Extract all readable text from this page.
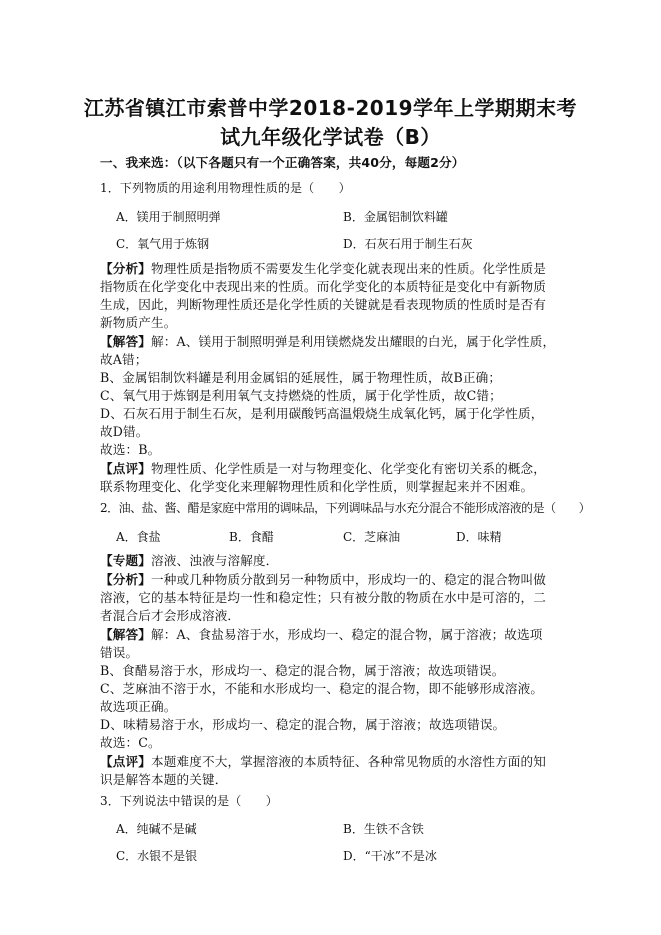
江苏省镇江市索普中学2018-2019学年上学期期末考
试九年级化学试卷（B）
一、我来选：（以下各题只有一个正确答案，共40分，每题2分）
1．下列物质的用途利用物理性质的是（　　）
A．镁用于制照明弹	B．金属铝制饮料罐
C．氧气用于炼钢	D．石灰石用于制生石灰
【分析】物理性质是指物质不需要发生化学变化就表现出来的性质。化学性质是
指物质在化学变化中表现出来的性质。而化学变化的本质特征是变化中有新物质
生成，因此，判断物理性质还是化学性质的关键就是看表现物质的性质时是否有
新物质产生。
【解答】解：A、镁用于制照明弹是利用镁燃烧发出耀眼的白光，属于化学性质，
故A错；
B、金属铝制饮料罐是利用金属铝的延展性，属于物理性质，故B正确；
C、氧气用于炼钢是利用氧气支持燃烧的性质，属于化学性质，故C错；
D、石灰石用于制生石灰，是利用碳酸钙高温煅烧生成氧化钙，属于化学性质，
故D错。
故选：B。
【点评】物理性质、化学性质是一对与物理变化、化学变化有密切关系的概念，
联系物理变化、化学变化来理解物理性质和化学性质，则掌握起来并不困难。
2．油、盐、酱、醋是家庭中常用的调味品，下列调味品与水充分混合不能形成溶液的是（　　）
A．食盐	B．食醋	C．芝麻油	D．味精
【专题】溶液、浊液与溶解度．
【分析】一种或几种物质分散到另一种物质中，形成均一的、稳定的混合物叫做
溶液，它的基本特征是均一性和稳定性；只有被分散的物质在水中是可溶的，二
者混合后才会形成溶液．
【解答】解：A、食盐易溶于水，形成均一、稳定的混合物，属于溶液；故选项
错误。
B、食醋易溶于水，形成均一、稳定的混合物，属于溶液；故选项错误。
C、芝麻油不溶于水，不能和水形成均一、稳定的混合物，即不能够形成溶液。
故选项正确。
D、味精易溶于水，形成均一、稳定的混合物，属于溶液；故选项错误。
故选：C。
【点评】本题难度不大，掌握溶液的本质特征、各种常见物质的水溶性方面的知
识是解答本题的关键．
3．下列说法中错误的是（　　）
A．纯碱不是碱	B．生铁不含铁
C．水银不是银	D．“干冰”不是冰
